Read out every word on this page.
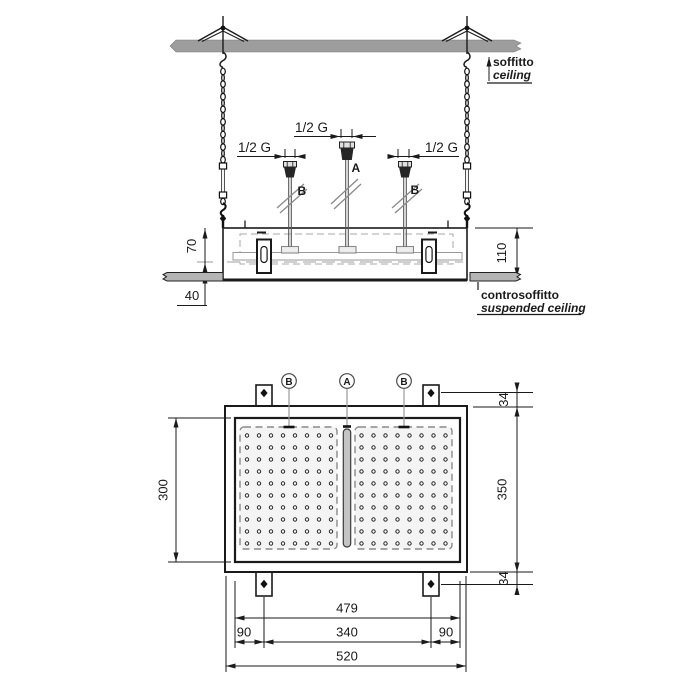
soffitto
ceiling
B
A
B
1/2 G
1/2 G
1/2 G
70
40
110
controsoffitto
suspended ceiling
B	A	B
34
350
34
300
479
90	340	90
520
